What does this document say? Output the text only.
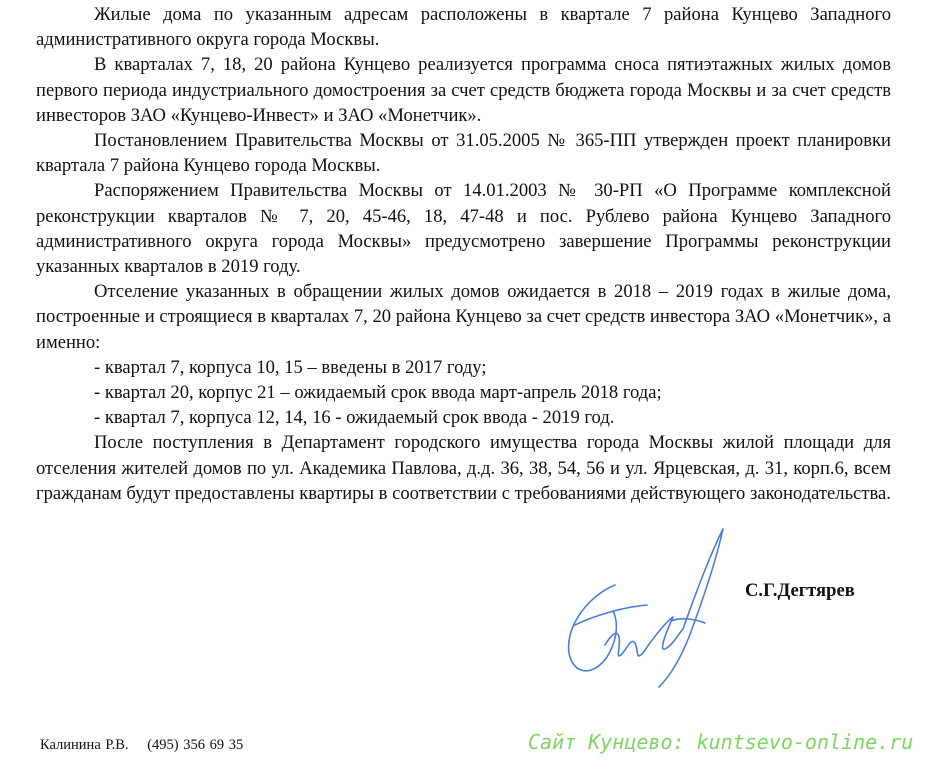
Жилые дома по указанным адресам расположены в квартале 7 района Кунцево Западного административного округа города Москвы.

В кварталах 7, 18, 20 района Кунцево реализуется программа сноса пятиэтажных жилых домов первого периода индустриального домостроения за счет средств бюджета города Москвы и за счет средств инвесторов ЗАО «Кунцево-Инвест» и ЗАО «Монетчик».

Постановлением Правительства Москвы от 31.05.2005 № 365-ПП утвержден проект планировки квартала 7 района Кунцево города Москвы.

Распоряжением Правительства Москвы от 14.01.2003 № 30-РП «О Программе комплексной реконструкции кварталов № 7, 20, 45-46, 18, 47-48 и пос. Рублево района Кунцево Западного административного округа города Москвы» предусмотрено завершение Программы реконструкции указанных кварталов в 2019 году.

Отселение указанных в обращении жилых домов ожидается в 2018 – 2019 годах в жилые дома, построенные и строящиеся в кварталах 7, 20 района Кунцево за счет средств инвестора ЗАО «Монетчик», а именно:

- квартал 7, корпуса 10, 15 – введены в 2017 году;

- квартал 20, корпус 21 – ожидаемый срок ввода март-апрель 2018 года;

- квартал 7, корпуса 12, 14, 16 - ожидаемый срок ввода - 2019 год.

После поступления в Департамент городского имущества города Москвы жилой площади для отселения жителей домов по ул. Академика Павлова, д.д. 36, 38, 54, 56 и ул. Ярцевская, д. 31, корп.6, всем гражданам будут предоставлены квартиры в соответствии с требованиями действующего законодательства.

С.Г.Дегтярев

Калинина Р.В. (495) 356 69 35	Сайт Кунцево: kuntsevo-online.ru
